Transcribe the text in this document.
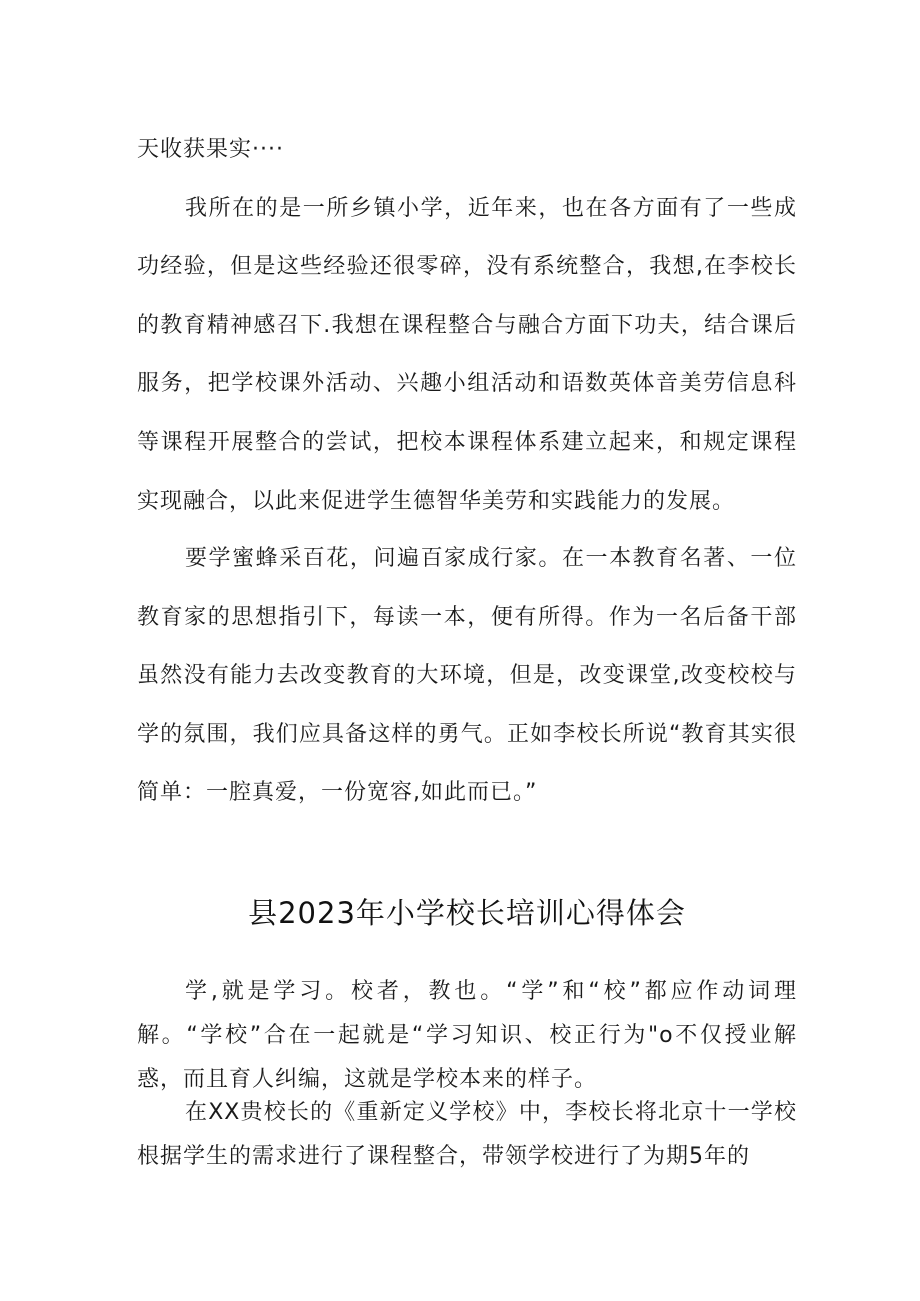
天收获果实····
我所在的是一所乡镇小学，近年来，也在各方面有了一些成功经验，但是这些经验还很零碎，没有系统整合，我想,在李校长的教育精神感召下.我想在课程整合与融合方面下功夫，结合课后服务，把学校课外活动、兴趣小组活动和语数英体音美劳信息科等课程开展整合的尝试，把校本课程体系建立起来，和规定课程实现融合，以此来促进学生德智华美劳和实践能力的发展。
要学蜜蜂采百花，问遍百家成行家。在一本教育名著、一位教育家的思想指引下，每读一本，便有所得。作为一名后备干部虽然没有能力去改变教育的大环境，但是，改变课堂,改变校校与学的氛围，我们应具备这样的勇气。正如李校长所说“教育其实很简单：一腔真爱，一份宽容,如此而已。”
县2023年小学校长培训心得体会
学,就是学习。校者，教也。“学”和“校”都应作动词理解。“学校”合在一起就是“学习知识、校正行为"o不仅授业解惑，而且育人纠编，这就是学校本来的样子。
在XX贵校长的《重新定义学校》中，李校长将北京十一学校根据学生的需求进行了课程整合，带领学校进行了为期5年的
